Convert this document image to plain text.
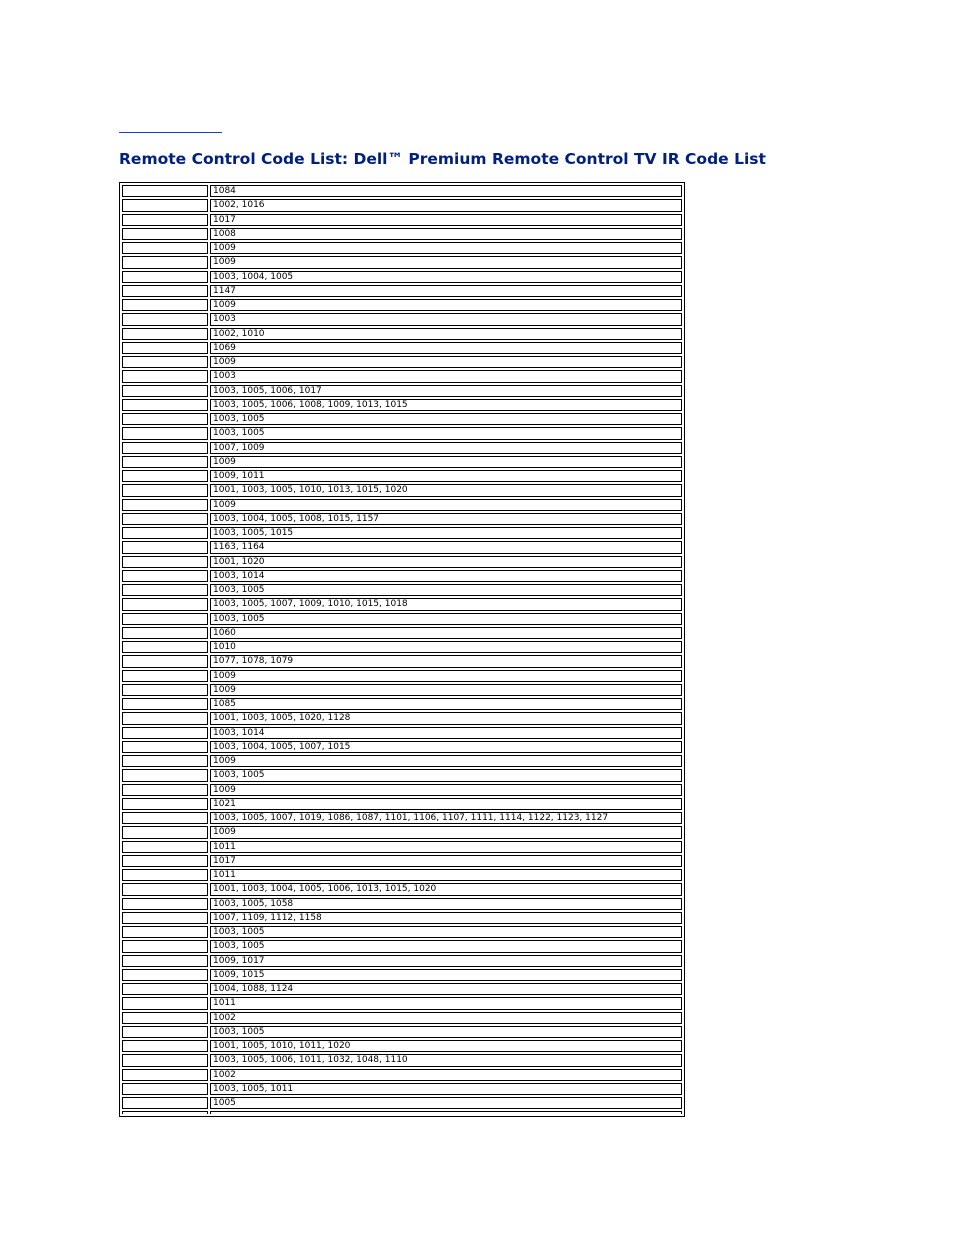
Remote Control Code List: Dell™ Premium Remote Control TV IR Code List
	1084
	1002, 1016
	1017
	1008
	1009
	1009
	1003, 1004, 1005
	1147
	1009
	1003
	1002, 1010
	1069
	1009
	1003
	1003, 1005, 1006, 1017
	1003, 1005, 1006, 1008, 1009, 1013, 1015
	1003, 1005
	1003, 1005
	1007, 1009
	1009
	1009, 1011
	1001, 1003, 1005, 1010, 1013, 1015, 1020
	1009
	1003, 1004, 1005, 1008, 1015, 1157
	1003, 1005, 1015
	1163, 1164
	1001, 1020
	1003, 1014
	1003, 1005
	1003, 1005, 1007, 1009, 1010, 1015, 1018
	1003, 1005
	1060
	1010
	1077, 1078, 1079
	1009
	1009
	1085
	1001, 1003, 1005, 1020, 1128
	1003, 1014
	1003, 1004, 1005, 1007, 1015
	1009
	1003, 1005
	1009
	1021
	1003, 1005, 1007, 1019, 1086, 1087, 1101, 1106, 1107, 1111, 1114, 1122, 1123, 1127
	1009
	1011
	1017
	1011
	1001, 1003, 1004, 1005, 1006, 1013, 1015, 1020
	1003, 1005, 1058
	1007, 1109, 1112, 1158
	1003, 1005
	1003, 1005
	1009, 1017
	1009, 1015
	1004, 1088, 1124
	1011
	1002
	1003, 1005
	1001, 1005, 1010, 1011, 1020
	1003, 1005, 1006, 1011, 1032, 1048, 1110
	1002
	1003, 1005, 1011
	1005
